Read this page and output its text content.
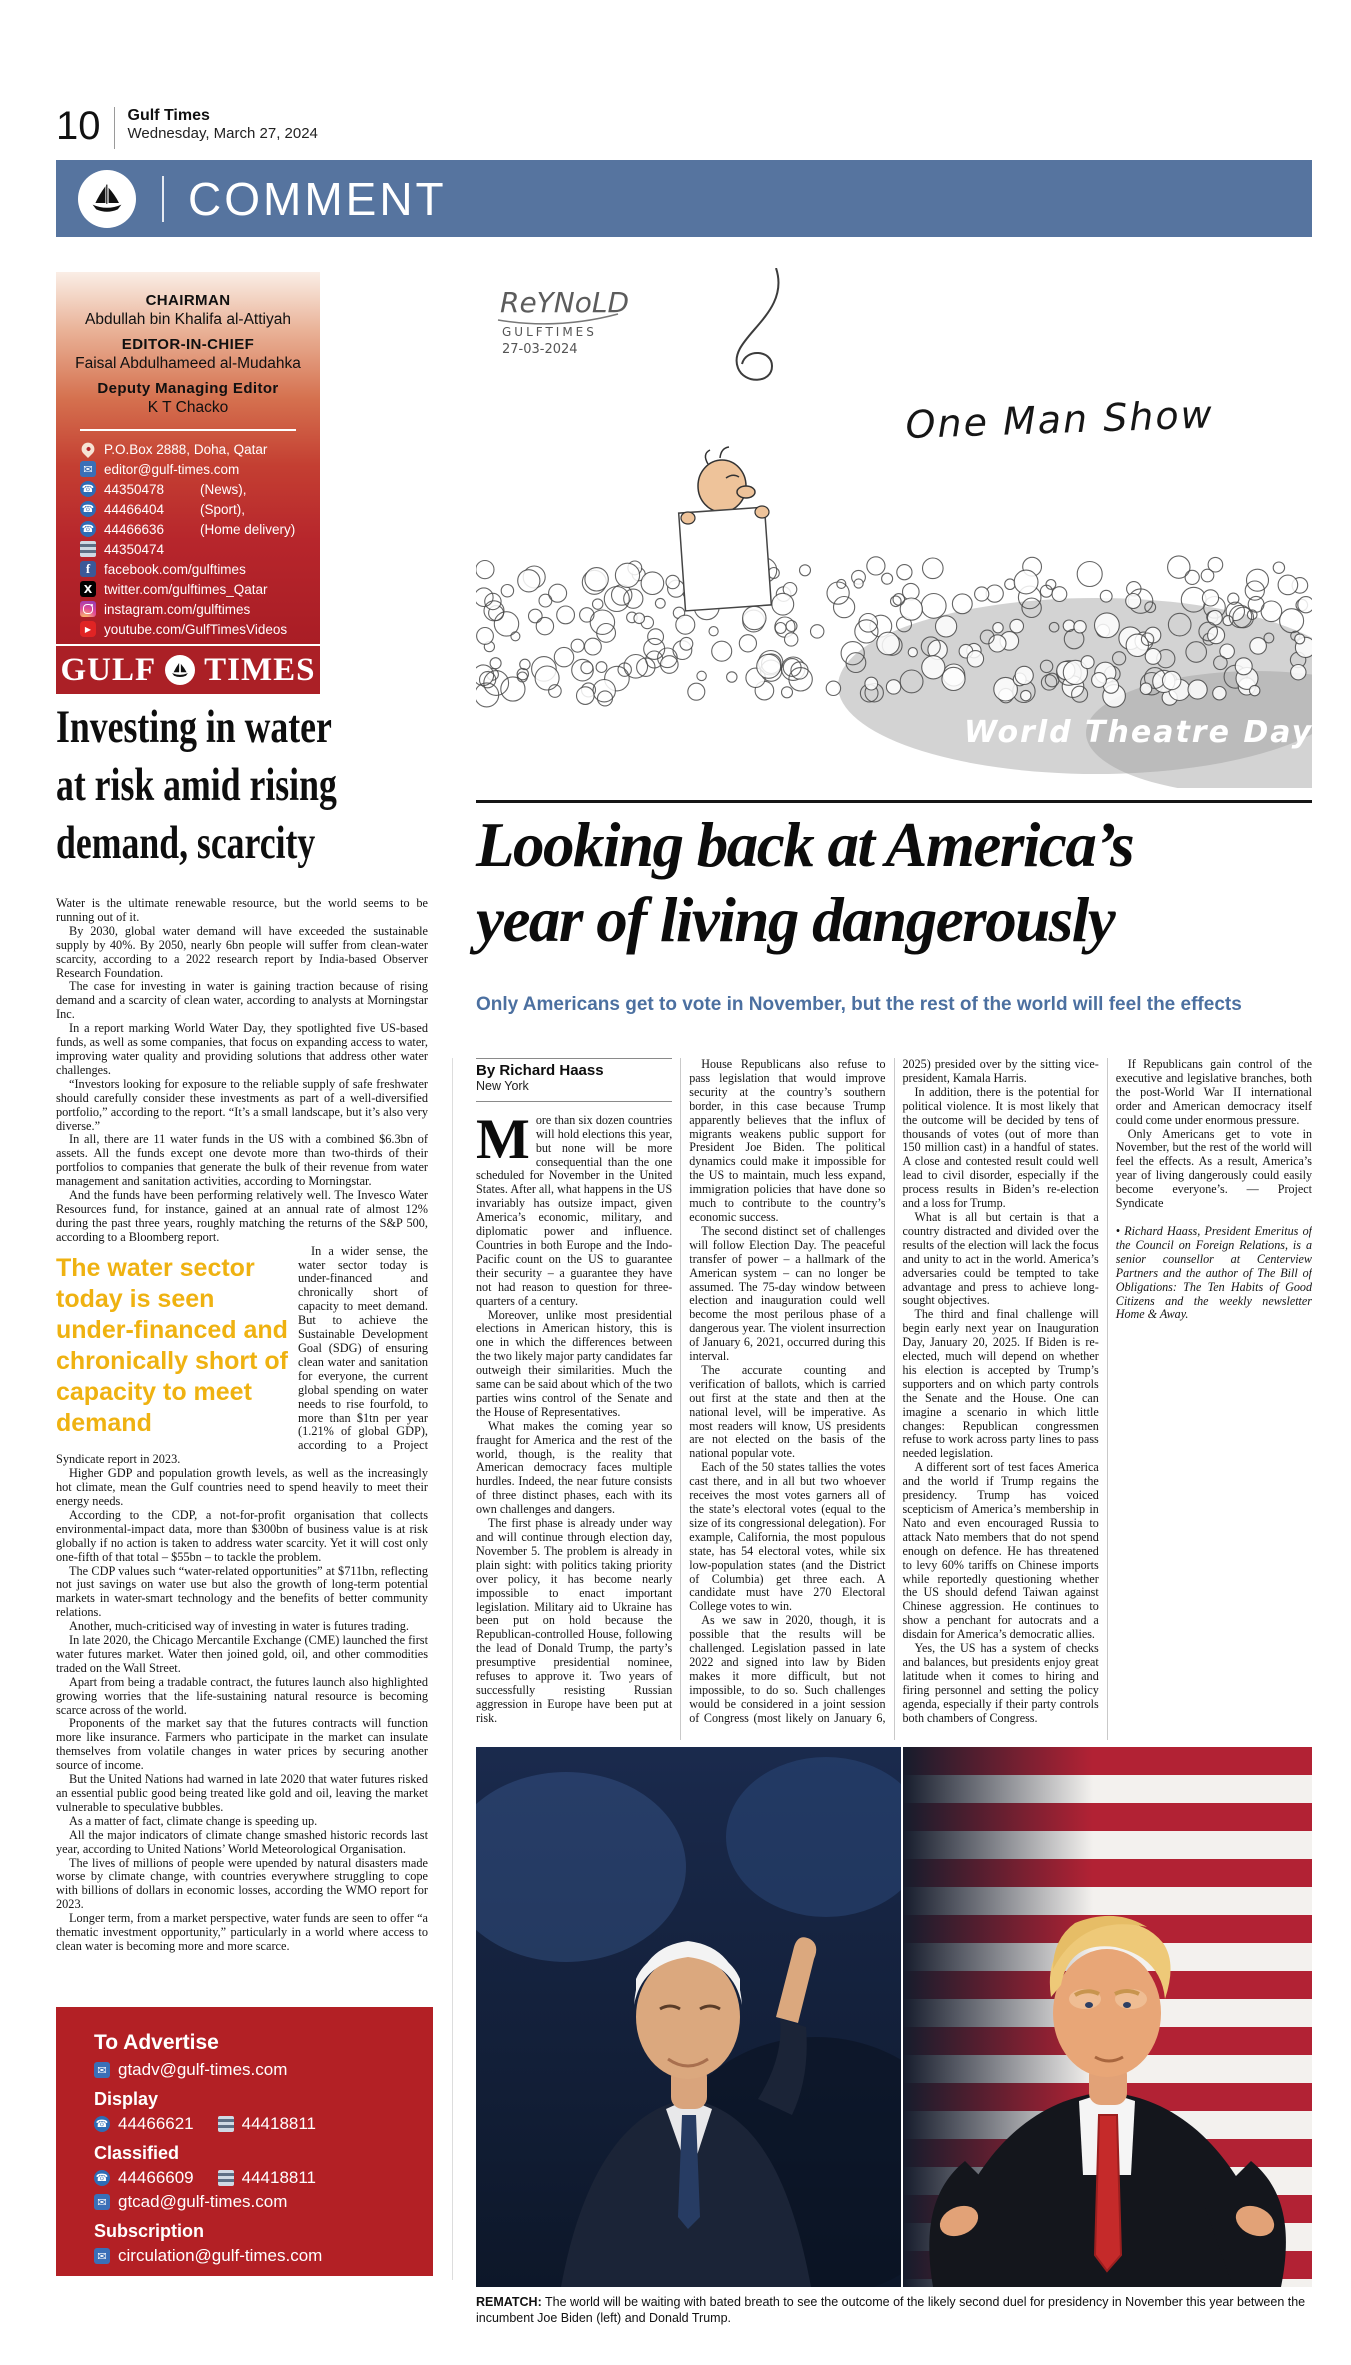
10 Gulf Times
Wednesday, March 27, 2024
COMMENT
CHAIRMAN
Abdullah bin Khalifa al-Attiyah
EDITOR-IN-CHIEF
Faisal Abdulhameed al-Mudahka
Deputy Managing Editor
K T Chacko
P.O.Box 2888, Doha, Qatar
✉
editor@gulf-times.com
☎
44350478	(News),
☎
44466404	(Sport),
☎
44466636	(Home delivery)
44350474
f
facebook.com/gulftimes
X
twitter.com/gulftimes_Qatar
instagram.com/gulftimes
▶
youtube.com/GulfTimesVideos
GULF TIMES
Investing in water
at risk amid rising
demand, scarcity

Water is the ultimate renewable resource, but the world seems to be running out of it.

By 2030, global water demand will have exceeded the sustainable supply by 40%. By 2050, nearly 6bn people will suffer from clean-water scarcity, according to a 2022 research report by India-based Observer Research Foundation.

The case for investing in water is gaining traction because of rising demand and a scarcity of clean water, according to analysts at Morningstar Inc.

In a report marking World Water Day, they spotlighted five US-based funds, as well as some companies, that focus on expanding access to water, improving water quality and providing solutions that address other water challenges.

“Investors looking for exposure to the reliable supply of safe freshwater should carefully consider these investments as part of a well-diversified portfolio,” according to the report. “It’s a small landscape, but it’s also very diverse.”

In all, there are 11 water funds in the US with a combined $6.3bn of assets. All the funds except one devote more than two-thirds of their portfolios to companies that generate the bulk of their revenue from water management and sanitation activities, according to Morningstar.

And the funds have been performing relatively well. The Invesco Water Resources fund, for instance, gained at an annual rate of almost 12% during the past three years, roughly matching the returns of the S&P 500, according to a Bloomberg report.

The water sector today is seen under-financed and chronically short of capacity to meet demand

In a wider sense, the water sector today is under-financed and chronically short of capacity to meet demand. But to achieve the Sustainable Development Goal (SDG) of ensuring clean water and sanitation for everyone, the current global spending on water needs to rise fourfold, to more than $1tn per year (1.21% of global GDP), according to a Project Syndicate report in 2023.

Higher GDP and population growth levels, as well as the increasingly hot climate, mean the Gulf countries need to spend heavily to meet their energy needs.

According to the CDP, a not-for-profit organisation that collects environmental-impact data, more than $300bn of business value is at risk globally if no action is taken to address water scarcity. Yet it will cost only one-fifth of that total – $55bn – to tackle the problem.

The CDP values such “water-related opportunities” at $711bn, reflecting not just savings on water use but also the growth of long-term potential markets in water-smart technology and the benefits of better community relations.

Another, much-criticised way of investing in water is futures trading.

In late 2020, the Chicago Mercantile Exchange (CME) launched the first water futures market. Water then joined gold, oil, and other commodities traded on the Wall Street.

Apart from being a tradable contract, the futures launch also highlighted growing worries that the life-sustaining natural resource is becoming scarce across of the world.

Proponents of the market say that the futures contracts will function more like insurance. Farmers who participate in the market can insulate themselves from volatile changes in water prices by securing another source of income.

But the United Nations had warned in late 2020 that water futures risked an essential public good being treated like gold and oil, leaving the market vulnerable to speculative bubbles.

As a matter of fact, climate change is speeding up.

All the major indicators of climate change smashed historic records last year, according to United Nations’ World Meteorological Organisation.

The lives of millions of people were upended by natural disasters made worse by climate change, with countries everywhere struggling to cope with billions of dollars in economic losses, according the WMO report for 2023.

Longer term, from a market perspective, water funds are seen to offer “a thematic investment opportunity,” particularly in a world where access to clean water is becoming more and more scarce.

To Advertise
✉
gtadv@gulf-times.com
Display
☎
44466621	44418811
Classified
☎
44466609	44418811
✉
gtcad@gulf-times.com
Subscription
✉
circulation@gulf-times.com
© 2024 Gulf Times. All rights reserved
ReYNoLD
GULFTIMES
27-03-2024
One Man Show
World Theatre Day
Looking back at America’s
year of living dangerously
Only Americans get to vote in November, but the rest of the world will feel the effects
By Richard Haass
New York

More than six dozen countries will hold elections this year, but none will be more consequential than the one scheduled for November in the United States. After all, what happens in the US invariably has outsize impact, given America’s economic, military, and diplomatic power and influence. Countries in both Europe and the Indo-Pacific count on the US to guarantee their security – a guarantee they have not had reason to question for three-quarters of a century.

Moreover, unlike most presidential elections in American history, this is one in which the differences between the two likely major party candidates far outweigh their similarities. Much the same can be said about which of the two parties wins control of the Senate and the House of Representatives.

What makes the coming year so fraught for America and the rest of the world, though, is the reality that American democracy faces multiple hurdles. Indeed, the near future consists of three distinct phases, each with its own challenges and dangers.

The first phase is already under way and will continue through election day, November 5. The problem is already in plain sight: with politics taking priority over policy, it has become nearly impossible to enact important legislation. Military aid to Ukraine has been put on hold because the Republican-controlled House, following the lead of Donald Trump, the party’s presumptive presidential nominee, refuses to approve it. Two years of successfully resisting Russian aggression in Europe have been put at risk.

House Republicans also refuse to pass legislation that would improve security at the country’s southern border, in this case because Trump apparently believes that the influx of migrants weakens public support for President Joe Biden. The political dynamics could make it impossible for the US to maintain, much less expand, immigration policies that have done so much to contribute to the country’s economic success.

The second distinct set of challenges will follow Election Day. The peaceful transfer of power – a hallmark of the American system – can no longer be assumed. The 75-day window between election and inauguration could well become the most perilous phase of a dangerous year. The violent insurrection of January 6, 2021, occurred during this interval.

The accurate counting and verification of ballots, which is carried out first at the state and then at the national level, will be imperative. As most readers will know, US presidents are not elected on the basis of the national popular vote.

Each of the 50 states tallies the votes cast there, and in all but two whoever receives the most votes garners all of the state’s electoral votes (equal to the size of its congressional delegation). For example, California, the most populous state, has 54 electoral votes, while six low-population states (and the District of Columbia) get three each. A candidate must have 270 Electoral College votes to win.

As we saw in 2020, though, it is possible that the results will be challenged. Legislation passed in late 2022 and signed into law by Biden makes it more difficult, but not impossible, to do so. Such challenges would be considered in a joint session of Congress (most likely on January 6, 2025) presided over by the sitting vice-president, Kamala Harris.

In addition, there is the potential for political violence. It is most likely that the outcome will be decided by tens of thousands of votes (out of more than 150 million cast) in a handful of states. A close and contested result could well lead to civil disorder, especially if the process results in Biden’s re-election and a loss for Trump.

What is all but certain is that a country distracted and divided over the results of the election will lack the focus and unity to act in the world. America’s adversaries could be tempted to take advantage and press to achieve long-sought objectives.

The third and final challenge will begin early next year on Inauguration Day, January 20, 2025. If Biden is re-elected, much will depend on whether his election is accepted by Trump’s supporters and on which party controls the Senate and the House. One can imagine a scenario in which little changes: Republican congressmen refuse to work across party lines to pass needed legislation.

A different sort of test faces America and the world if Trump regains the presidency. Trump has voiced scepticism of America’s membership in Nato and even encouraged Russia to attack Nato members that do not spend enough on defence. He has threatened to levy 60% tariffs on Chinese imports while reportedly questioning whether the US should defend Taiwan against Chinese aggression. He continues to show a penchant for autocrats and a disdain for America’s democratic allies.

Yes, the US has a system of checks and balances, but presidents enjoy great latitude when it comes to hiring and firing personnel and setting the policy agenda, especially if their party controls both chambers of Congress.

If Republicans gain control of the executive and legislative branches, both the post-World War II international order and American democracy itself could come under enormous pressure.

Only Americans get to vote in November, but the rest of the world will feel the effects. As a result, America’s year of living dangerously could easily become everyone’s. — Project Syndicate

• Richard Haass, President Emeritus of the Council on Foreign Relations, is a senior counsellor at Centerview Partners and the author of The Bill of Obligations: The Ten Habits of Good Citizens and the weekly newsletter Home & Away.

REMATCH: The world will be waiting with bated breath to see the outcome of the likely second duel for presidency in November this year between the incumbent Joe Biden (left) and Donald Trump.
